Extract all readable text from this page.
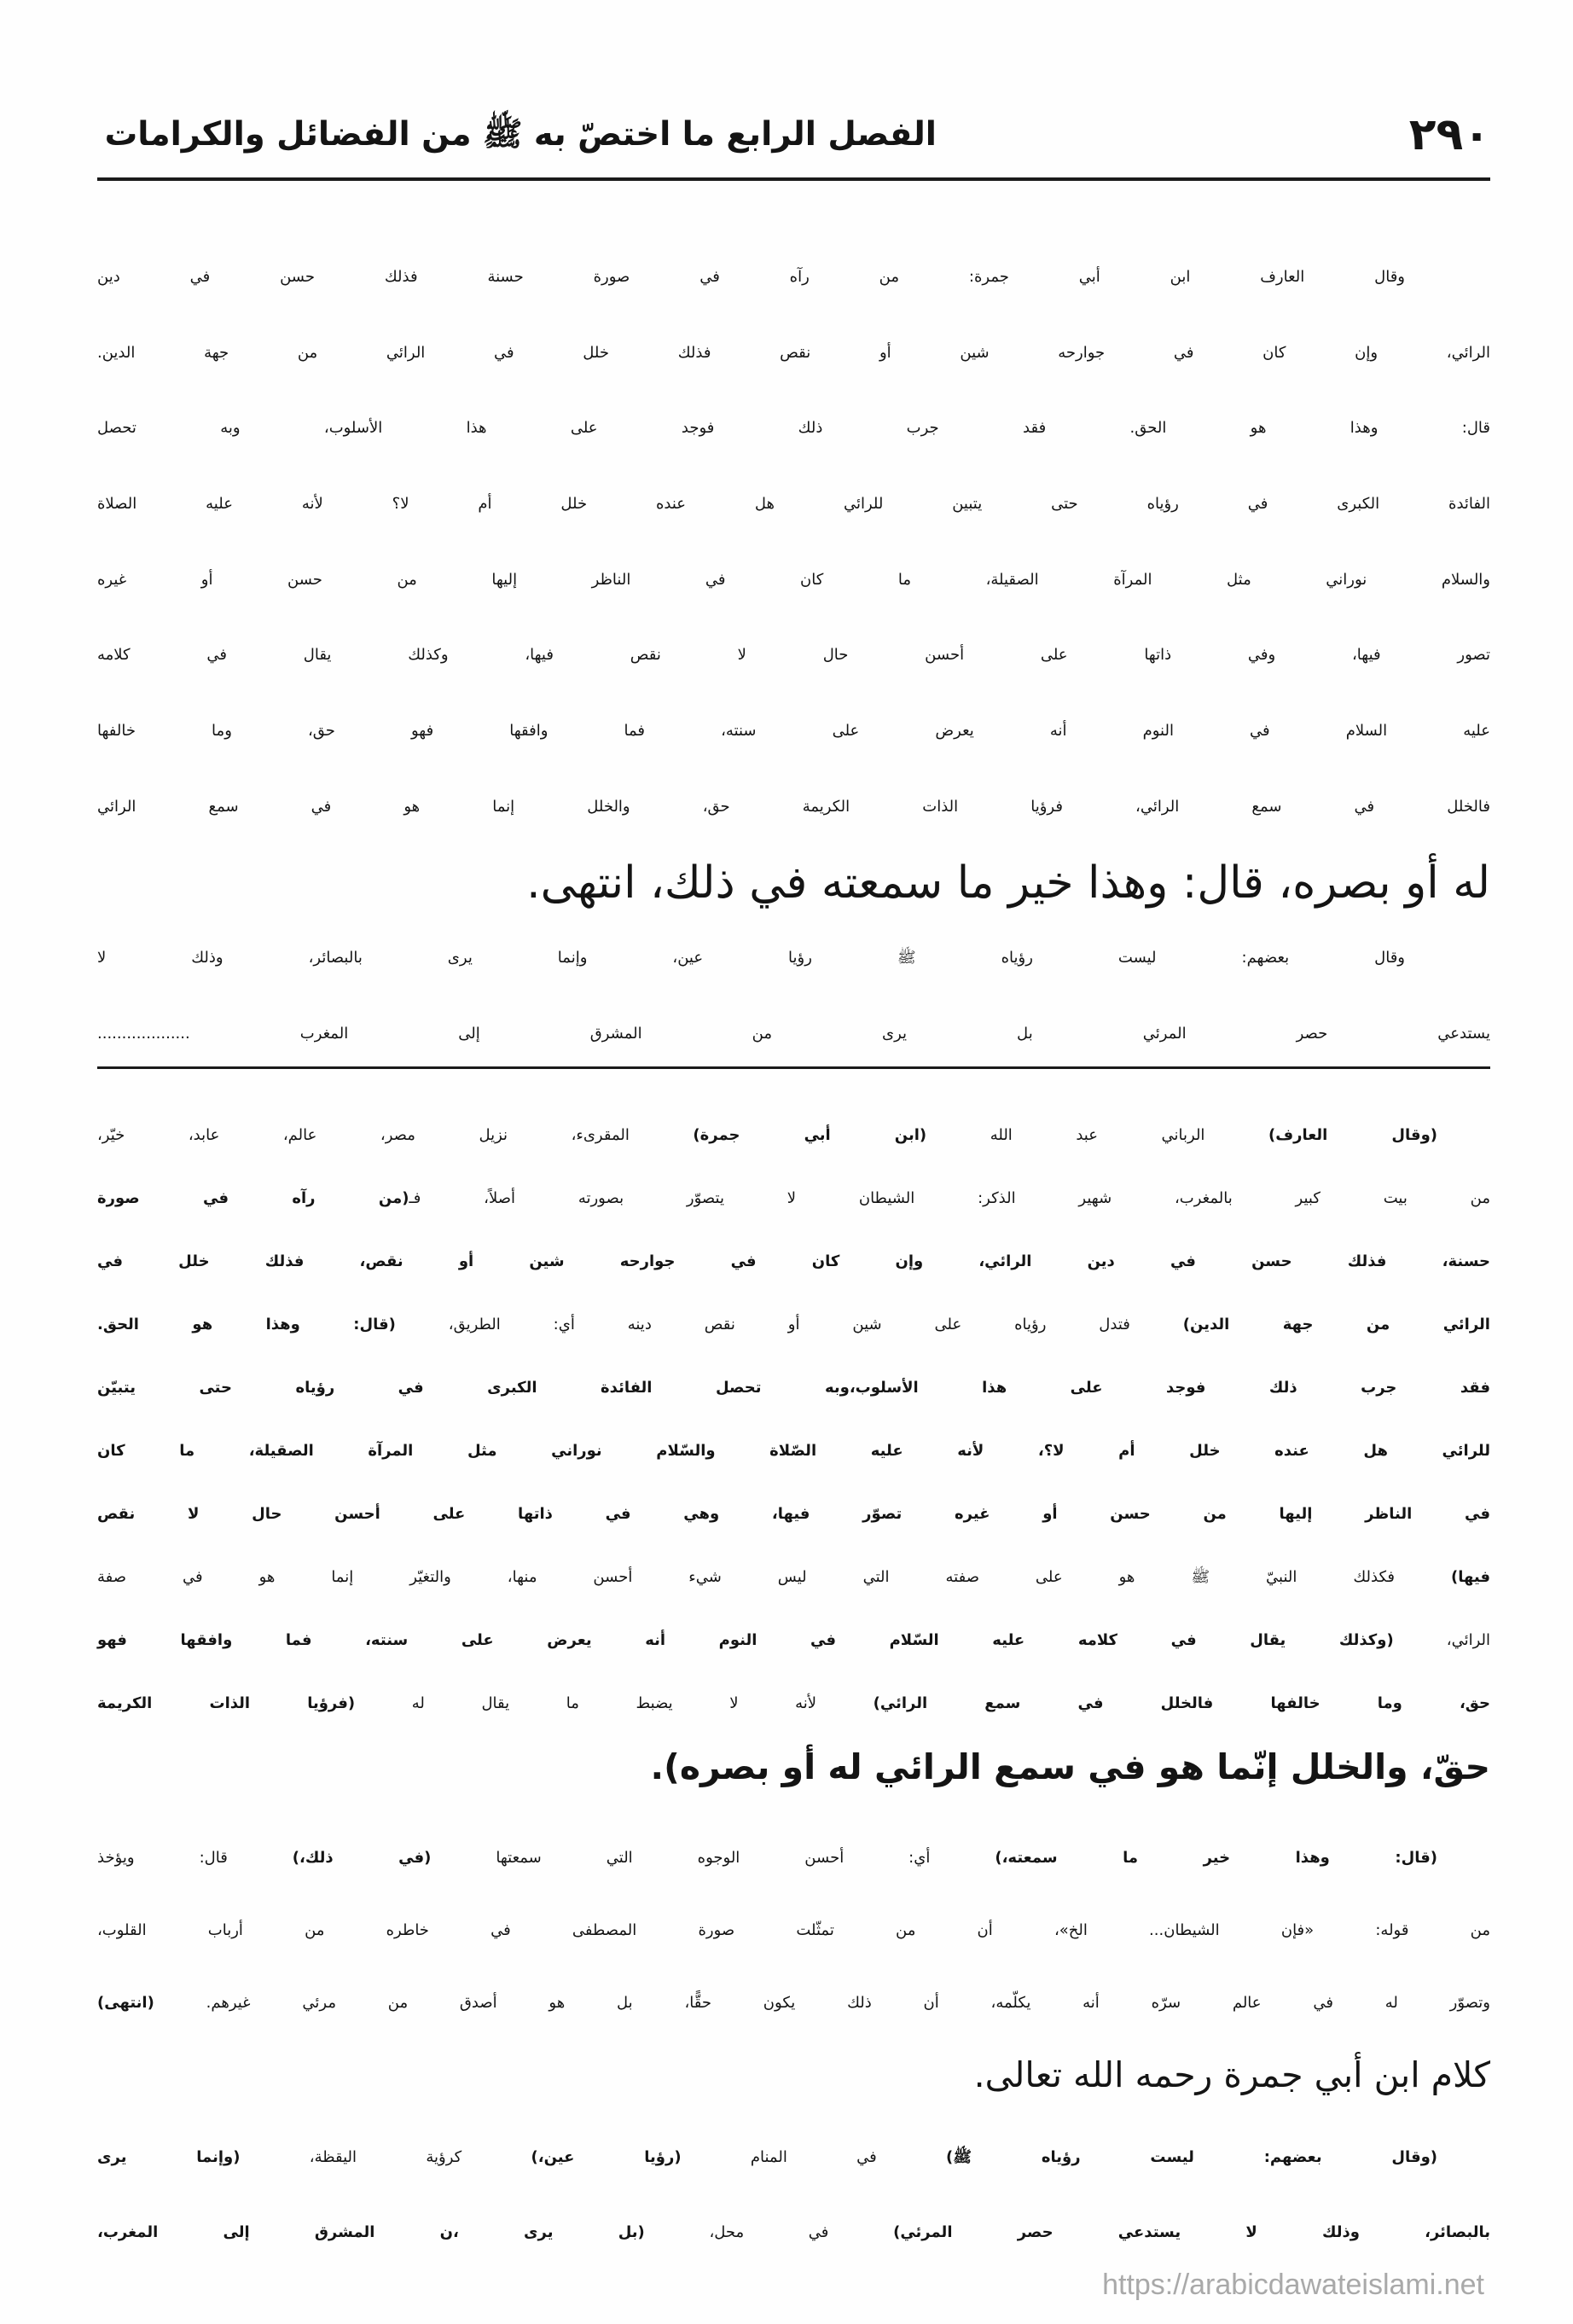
الفصل الرابع ما اختصّ به ﷺ من الفضائل والكرامات	٢٩٠
وقال العارف ابن أبي جمرة: من رآه في صورة حسنة فذلك حسن في دين
الرائي، وإن كان في جوارحه شين أو نقص فذلك خلل في الرائي من جهة الدين.
قال: وهذا هو الحق. فقد جرب ذلك فوجد على هذا الأسلوب، وبه تحصل
الفائدة الكبرى في رؤياه حتى يتبين للرائي هل عنده خلل أم لا؟ لأنه عليه الصلاة
والسلام نوراني مثل المرآة الصقيلة، ما كان في الناظر إليها من حسن أو غيره
تصور فيها، وفي ذاتها على أحسن حال لا نقص فيها، وكذلك يقال في كلامه
عليه السلام في النوم أنه يعرض على سنته، فما وافقها فهو حق، وما خالفها
فالخلل في سمع الرائي، فرؤيا الذات الكريمة حق، والخلل إنما هو في سمع الرائي
له أو بصره، قال: وهذا خير ما سمعته في ذلك، انتهى.
وقال بعضهم: ليست رؤياه ﷺ رؤيا عين، وإنما يرى بالبصائر، وذلك لا
يستدعي حصر المرئي بل يرى من المشرق إلى المغرب ...................
(وقال العارف) الرباني عبد الله (ابن أبي جمرة) المقرىء، نزيل مصر، عالم، عابد، خيّر،
من بيت كبير بالمغرب، شهير الذكر: الشيطان لا يتصوّر بصورته أصلاً، فـ(من رآه في صورة
حسنة، فذلك حسن في دين الرائي، وإن كان في جوارحه شين أو نقص، فذلك خلل في
الرائي من جهة الدين) فتدل رؤياه على شين أو نقص دينه أي: الطريق، (قال: وهذا هو الحق.
فقد جرب ذلك فوجد على هذا الأسلوب،وبه تحصل الفائدة الكبرى في رؤياه حتى يتبيّن
للرائي هل عنده خلل أم لا؟، لأنه عليه الصّلاة والسّلام نوراني مثل المرآة الصقيلة، ما كان
في الناظر إليها من حسن أو غيره تصوّر فيها، وهي في ذاتها على أحسن حال لا نقص
فيها) فكذلك النبيّ ﷺ هو على صفته التي ليس شيء أحسن منها، والتغيّر إنما هو في صفة
الرائي، (وكذلك يقال في كلامه عليه السّلام في النوم أنه يعرض على سنته، فما وافقها فهو
حق، وما خالفها فالخلل في سمع الرائي) لأنه لا يضبط ما يقال له (فرؤيا الذات الكريمة
حقّ، والخلل إنّما هو في سمع الرائي له أو بصره).
(قال: وهذا خير ما سمعته،) أي: أحسن الوجوه التي سمعتها (في ذلك،) قال: ويؤخذ
من قوله: «فإن الشيطان... الخ»، أن من تمثّلت صورة المصطفى في خاطره من أرباب القلوب،
وتصوّر له في عالم سرّه أنه يكلّمه، أن ذلك يكون حقًّا، بل هو أصدق من مرئي غيرهم. (انتهى)
كلام ابن أبي جمرة رحمه الله تعالى.
(وقال بعضهم: ليست رؤياه ﷺ) في المنام (رؤيا عين،) كرؤية اليقظة، (وإنما يرى
بالبصائر، وذلك لا يستدعي حصر المرئي) في محل، (بل يرى ،ن المشرق إلى المغرب،
https://arabicdawateislami.net
